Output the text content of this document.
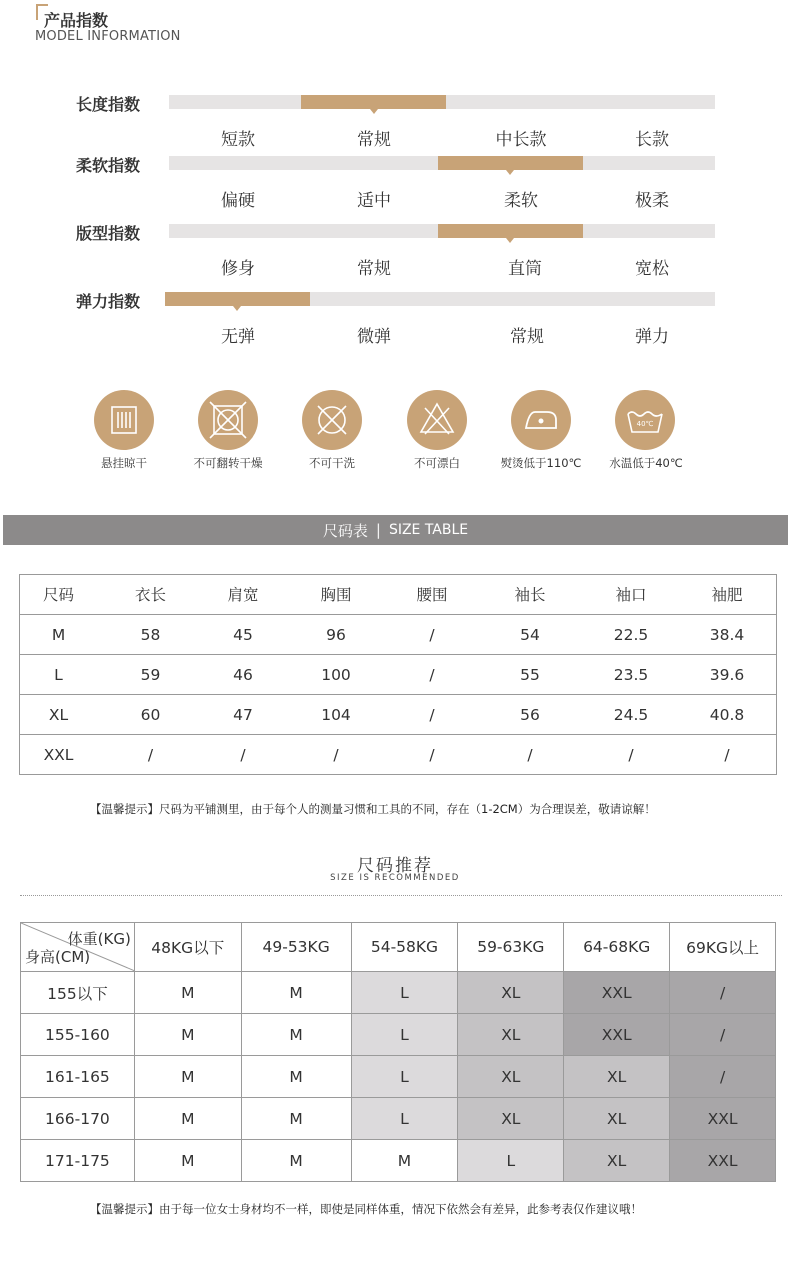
产品指数
MODEL INFORMATION
长度指数
短款	常规	中长款	长款
柔软指数
偏硬	适中	柔软	极柔
版型指数
修身	常规	直筒	宽松
弹力指数
无弹	微弹	常规	弹力
悬挂晾干	不可翻转干燥	不可干洗	不可漂白	熨烫低于110℃
40℃
水温低于40℃
尺码表 | SIZE TABLE
尺码	衣长	肩宽	胸围	腰围	袖长	袖口	袖肥
M	58	45	96	/	54	22.5	38.4
L	59	46	100	/	55	23.5	39.6
XL	60	47	104	/	56	24.5	40.8
XXL	/	/	/	/	/	/	/
【温馨提示】尺码为平铺测里，由于每个人的测量习惯和工具的不同，存在（1-2CM）为合理误差，敬请谅解！
尺码推荐
SIZE IS RECOMMENDED
体重(KG)
身高(CM)	48KG以下	49-53KG	54-58KG	59-63KG	64-68KG	69KG以上
155以下	M	M	L	XL	XXL	/
155-160	M	M	L	XL	XXL	/
161-165	M	M	L	XL	XL	/
166-170	M	M	L	XL	XL	XXL
171-175	M	M	M	L	XL	XXL
【温馨提示】由于每一位女士身材均不一样，即使是同样体重，情况下依然会有差异，此参考表仅作建议哦！
